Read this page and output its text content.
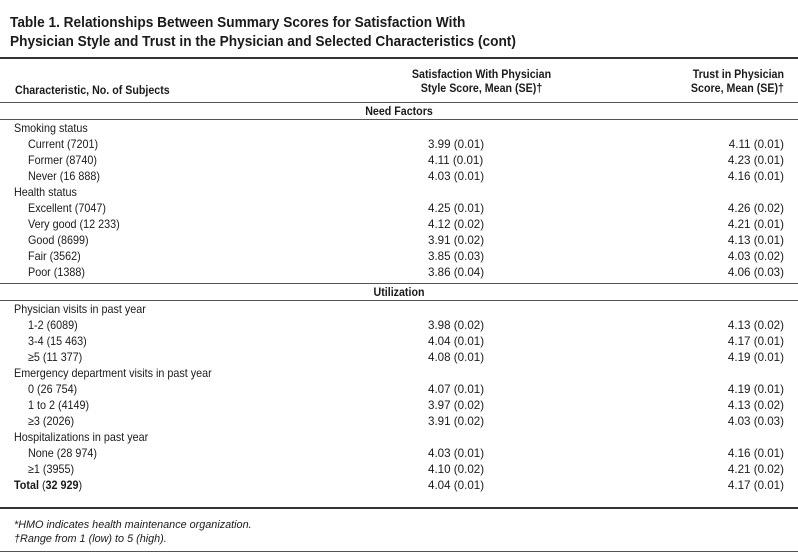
Table 1. Relationships Between Summary Scores for Satisfaction With
Physician Style and Trust in the Physician and Selected Characteristics (cont)
Characteristic, No. of Subjects
Satisfaction With Physician
Style Score, Mean (SE)†
Trust in Physician
Score, Mean (SE)†
Need Factors
Smoking status
Current (7201)	3.99 (0.01)	4.11 (0.01)
Former (8740)	4.11 (0.01)	4.23 (0.01)
Never (16 888)	4.03 (0.01)	4.16 (0.01)
Health status
Excellent (7047)	4.25 (0.01)	4.26 (0.02)
Very good (12 233)	4.12 (0.02)	4.21 (0.01)
Good (8699)	3.91 (0.02)	4.13 (0.01)
Fair (3562)	3.85 (0.03)	4.03 (0.02)
Poor (1388)	3.86 (0.04)	4.06 (0.03)
Utilization
Physician visits in past year
1-2 (6089)	3.98 (0.02)	4.13 (0.02)
3-4 (15 463)	4.04 (0.01)	4.17 (0.01)
≥5 (11 377)	4.08 (0.01)	4.19 (0.01)
Emergency department visits in past year
0 (26 754)	4.07 (0.01)	4.19 (0.01)
1 to 2 (4149)	3.97 (0.02)	4.13 (0.02)
≥3 (2026)	3.91 (0.02)	4.03 (0.03)
Hospitalizations in past year
None (28 974)	4.03 (0.01)	4.16 (0.01)
≥1 (3955)	4.10 (0.02)	4.21 (0.02)
Total (32 929)	4.04 (0.01)	4.17 (0.01)
*HMO indicates health maintenance organization.
†Range from 1 (low) to 5 (high).
